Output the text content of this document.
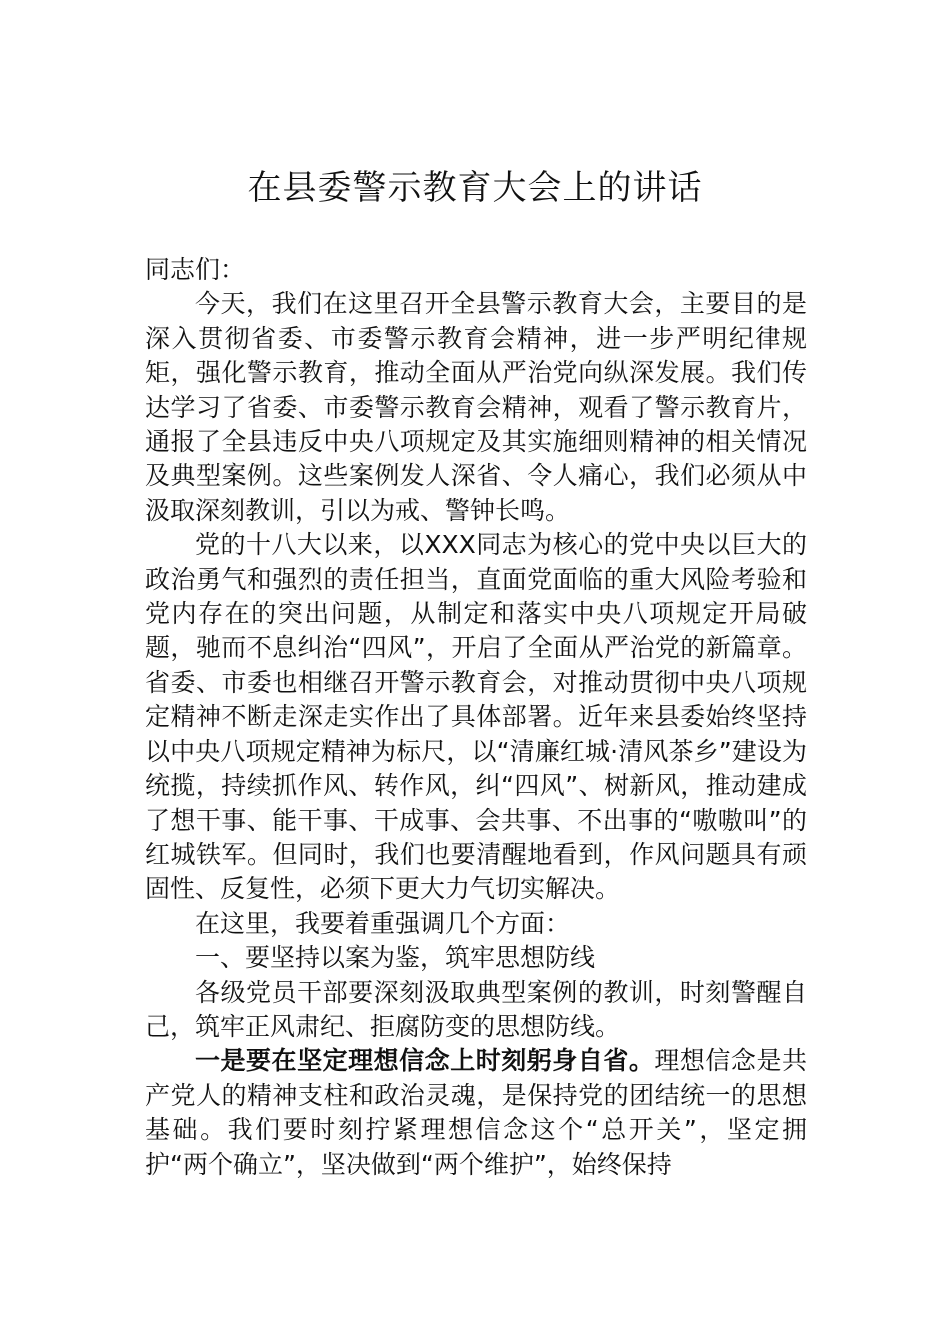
在县委警示教育大会上的讲话

同志们：

今天，我们在这里召开全县警示教育大会，主要目的是深入贯彻省委、市委警示教育会精神，进一步严明纪律规矩，强化警示教育，推动全面从严治党向纵深发展。我们传达学习了省委、市委警示教育会精神，观看了警示教育片，通报了全县违反中央八项规定及其实施细则精神的相关情况及典型案例。这些案例发人深省、令人痛心，我们必须从中汲取深刻教训，引以为戒、警钟长鸣。

党的十八大以来，以XXX同志为核心的党中央以巨大的政治勇气和强烈的责任担当，直面党面临的重大风险考验和党内存在的突出问题，从制定和落实中央八项规定开局破题，驰而不息纠治“四风”，开启了全面从严治党的新篇章。省委、市委也相继召开警示教育会，对推动贯彻中央八项规定精神不断走深走实作出了具体部署。近年来县委始终坚持以中央八项规定精神为标尺，以“清廉红城·清风茶乡”建设为统揽，持续抓作风、转作风，纠“四风”、树新风，推动建成了想干事、能干事、干成事、会共事、不出事的“嗷嗷叫”的红城铁军。但同时，我们也要清醒地看到，作风问题具有顽固性、反复性，必须下更大力气切实解决。

在这里，我要着重强调几个方面：

一、要坚持以案为鉴，筑牢思想防线

各级党员干部要深刻汲取典型案例的教训，时刻警醒自己，筑牢正风肃纪、拒腐防变的思想防线。

一是要在坚定理想信念上时刻躬身自省。理想信念是共产党人的精神支柱和政治灵魂，是保持党的团结统一的思想基础。我们要时刻拧紧理想信念这个“总开关”，坚定拥护“两个确立”，坚决做到“两个维护”，始终保持
